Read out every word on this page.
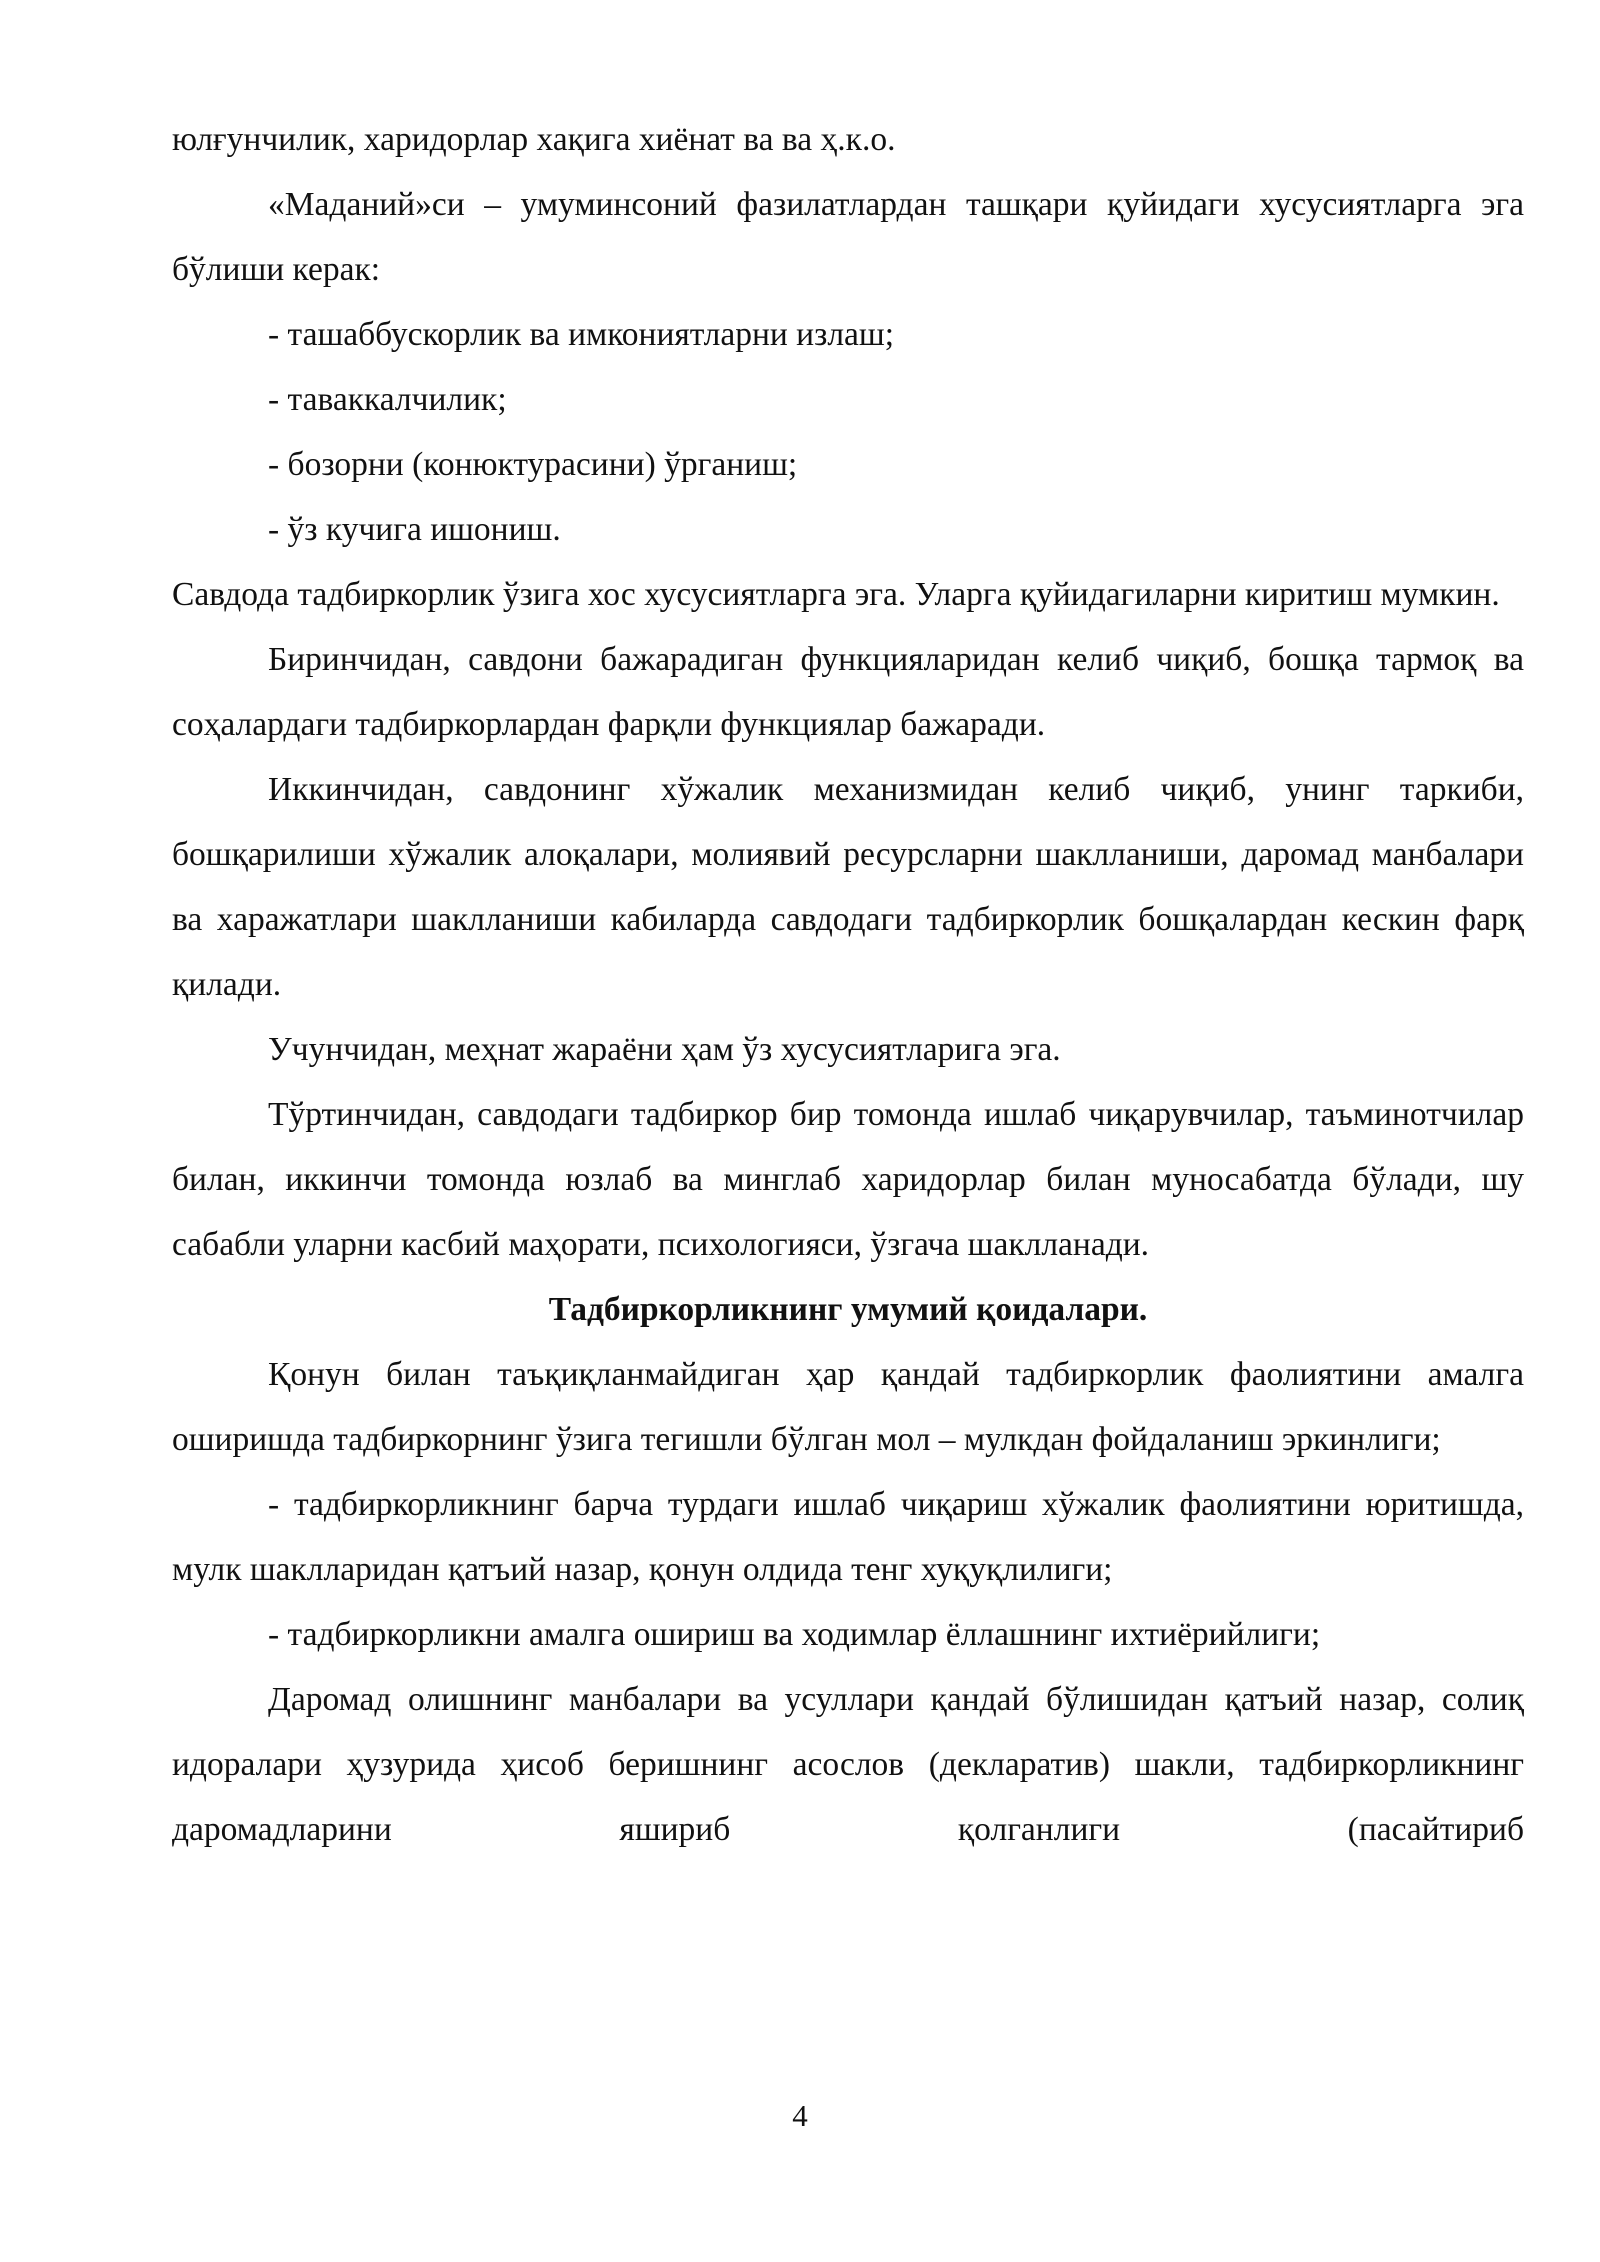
юлғунчилик, харидорлар хақига хиёнат ва ва ҳ.к.о.

«Маданий»си – умуминсоний фазилатлардан ташқари қуйидаги хусусиятларга эга бўлиши керак:

- ташаббускорлик ва имкониятларни излаш;

- таваккалчилик;

- бозорни (конюктурасини) ўрганиш;

- ўз кучига ишониш.

Савдода тадбиркорлик ўзига хос хусусиятларга эга. Уларга қуйидагиларни киритиш мумкин.

Биринчидан, савдони бажарадиган функцияларидан келиб чиқиб, бошқа тармоқ ва соҳалардаги тадбиркорлардан фарқли функциялар бажаради.

Иккинчидан, савдонинг хўжалик механизмидан келиб чиқиб, унинг таркиби, бошқарилиши хўжалик алоқалари, молиявий ресурсларни шаклланиши, даромад манбалари ва харажатлари шаклланиши кабиларда савдодаги тадбиркорлик бошқалардан кескин фарқ қилади.

Учунчидан, меҳнат жараёни ҳам ўз хусусиятларига эга.

Тўртинчидан, савдодаги тадбиркор бир томонда ишлаб чиқарувчилар, таъминотчилар билан, иккинчи томонда юзлаб ва минглаб харидорлар билан муносабатда бўлади, шу сабабли уларни касбий маҳорати, психологияси, ўзгача шаклланади.

Тадбиркорликнинг умумий қоидалари.

Қонун билан таъқиқланмайдиган ҳар қандай тадбиркорлик фаолиятини амалга оширишда тадбиркорнинг ўзига тегишли бўлган мол – мулкдан фойдаланиш эркинлиги;

- тадбиркорликнинг барча турдаги ишлаб чиқариш хўжалик фаолиятини юритишда, мулк шаклларидан қатъий назар, қонун олдида тенг хуқуқлилиги;

- тадбиркорликни амалга ошириш ва ходимлар ёллашнинг ихтиёрийлиги;

Даромад олишнинг манбалари ва усуллари қандай бўлишидан қатъий назар, солиқ идоралари ҳузурида ҳисоб беришнинг асослов (декларатив) шакли, тадбиркорликнинг даромадларини яшириб қолганлиги (пасайтириб

4
